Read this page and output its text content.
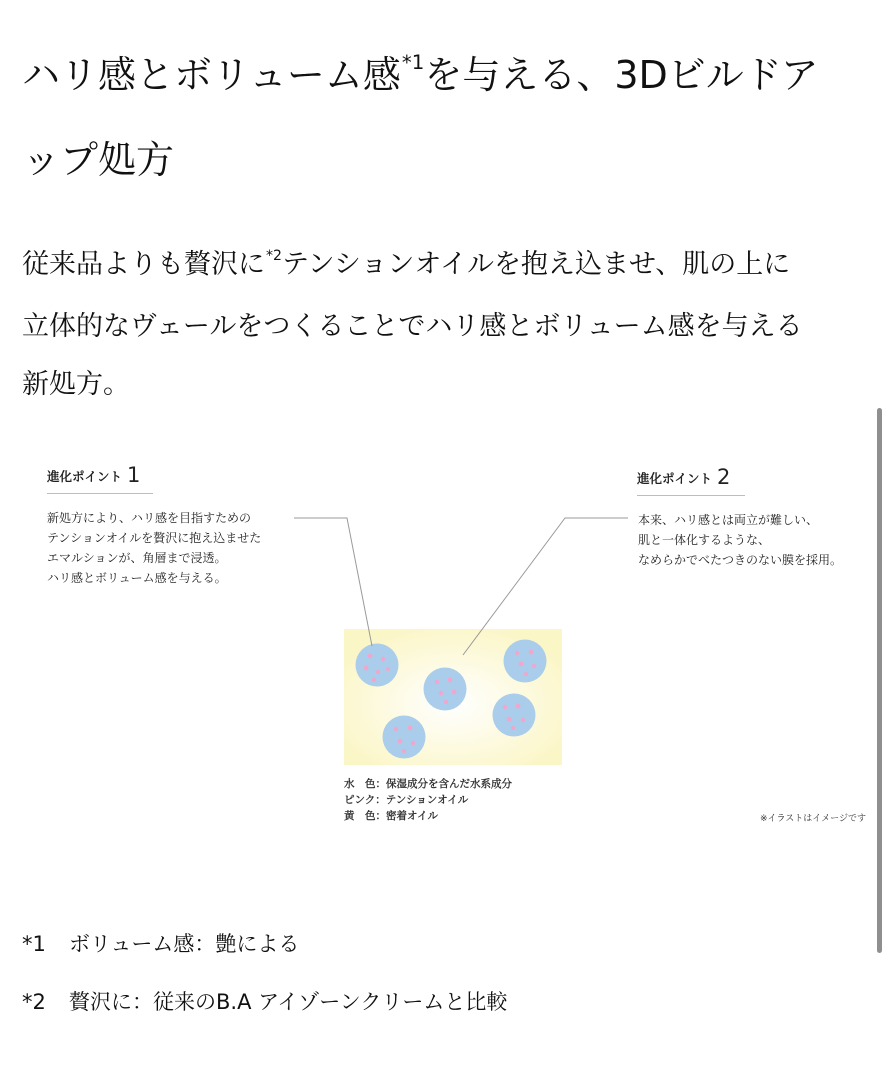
ハリ感とボリューム感$^{*1}$を与える、3Dビルドア
ップ処方

従来品よりも贅沢に$^{*2}$テンションオイルを抱え込ませ、肌の上に
立体的なヴェールをつくることでハリ感とボリューム感を与える
新処方。

進化ポイント 1
新処方により、ハリ感を目指すための
テンションオイルを贅沢に抱え込ませた
エマルションが、角層まで浸透。
ハリ感とボリューム感を与える。
進化ポイント 2
本来、ハリ感とは両立が難しい、
肌と一体化するような、
なめらかでべたつきのない膜を採用。
水　色：保湿成分を含んだ水系成分
ピンク：テンションオイル
黄　色：密着オイル	※イラストはイメージです
*1 ボリューム感：艶による
*2 贅沢に：従来のB.A アイゾーンクリームと比較
